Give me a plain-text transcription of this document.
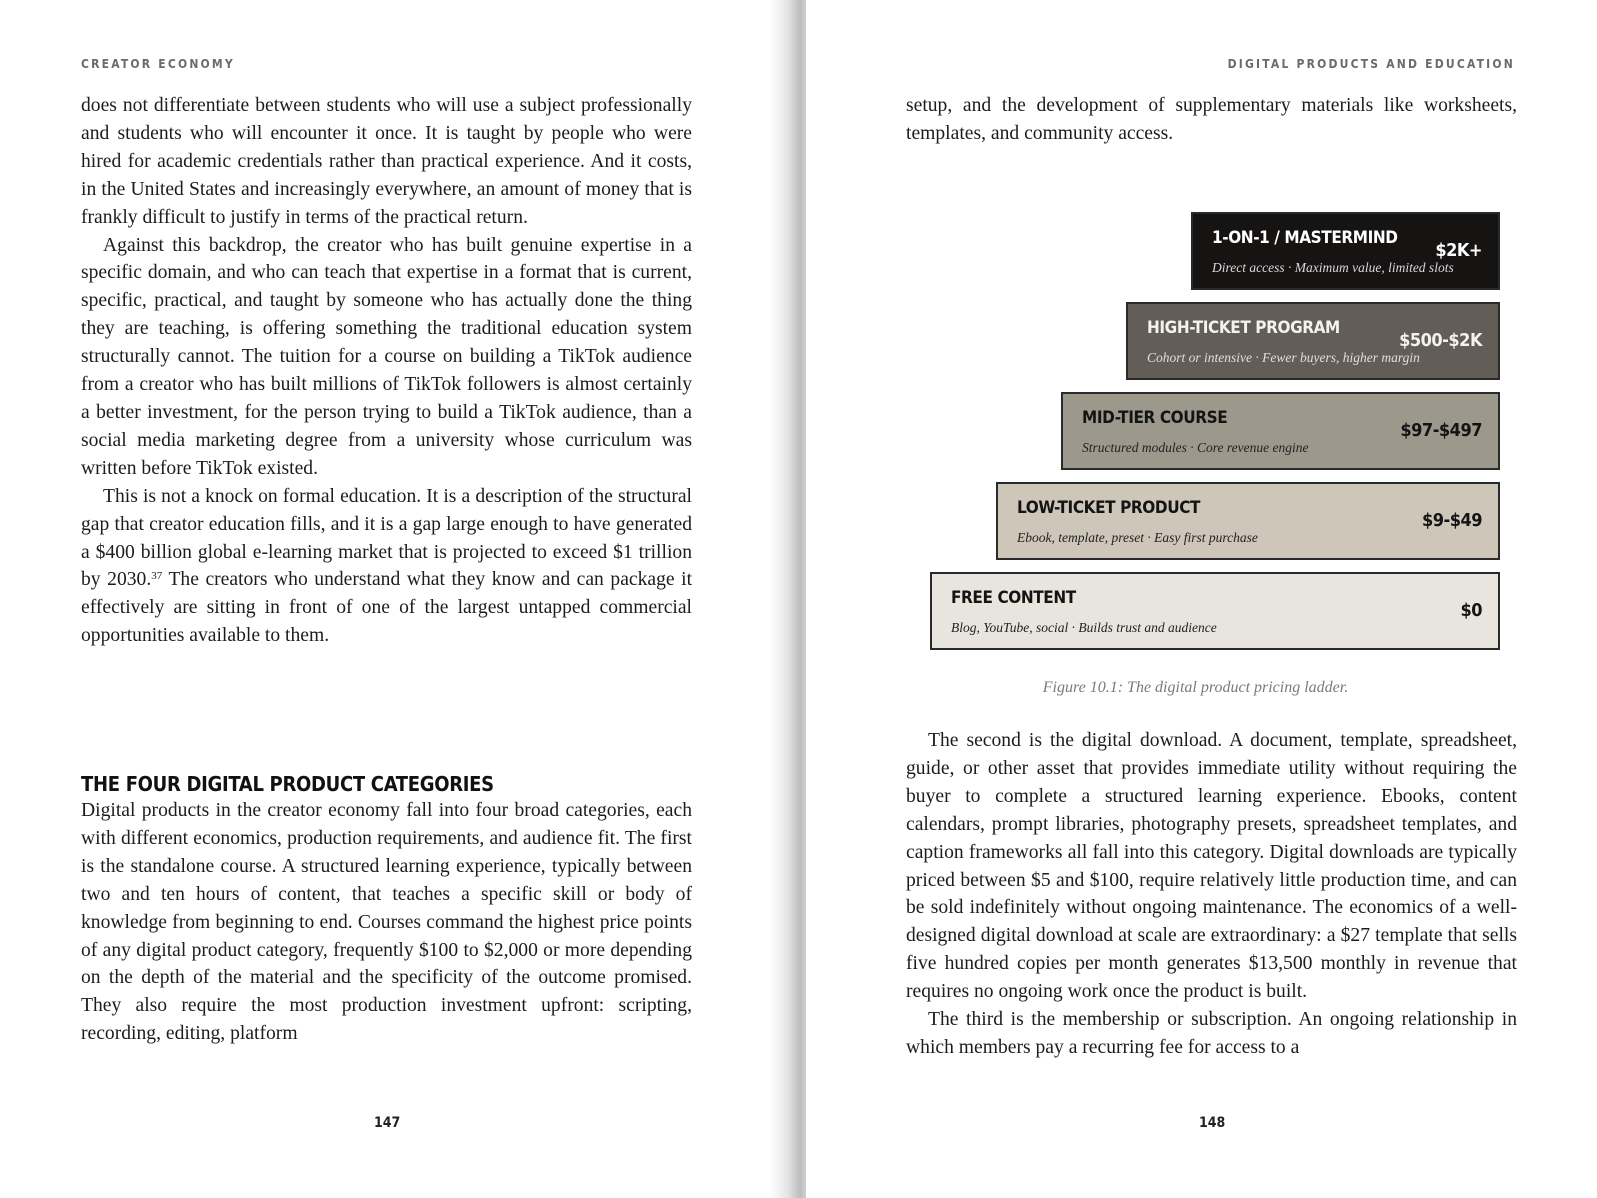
CREATOR ECONOMY

does not differentiate between students who will use a subject professionally and students who will encounter it once. It is taught by people who were hired for academic credentials rather than practical experience. And it costs, in the United States and increasingly everywhere, an amount of money that is frankly difficult to justify in terms of the practical return.

Against this backdrop, the creator who has built genuine expertise in a specific domain, and who can teach that expertise in a format that is current, specific, practical, and taught by someone who has actually done the thing they are teaching, is offering something the traditional education system structurally cannot. The tuition for a course on building a TikTok audience from a creator who has built millions of TikTok followers is almost certainly a better investment, for the person trying to build a TikTok audience, than a social media marketing degree from a university whose curriculum was written before TikTok existed.

This is not a knock on formal education. It is a description of the structural gap that creator education fills, and it is a gap large enough to have generated a $400 billion global e-learning market that is projected to exceed $1 trillion by 2030.37 The creators who understand what they know and can package it effectively are sitting in front of one of the largest untapped commercial opportunities available to them.

THE FOUR DIGITAL PRODUCT CATEGORIES

Digital products in the creator economy fall into four broad categories, each with different economics, production requirements, and audience fit. The first is the standalone course. A structured learning experience, typically between two and ten hours of content, that teaches a specific skill or body of knowledge from beginning to end. Courses command the highest price points of any digital product category, frequently $100 to $2,000 or more depending on the depth of the material and the specificity of the outcome promised. They also require the most production investment upfront: scripting, recording, editing, platform

147
DIGITAL PRODUCTS AND EDUCATION

setup, and the development of supplementary materials like worksheets, templates, and community access.

1-ON-1 / MASTERMIND
Direct access · Maximum value, limited slots
$2K+
HIGH-TICKET PROGRAM
Cohort or intensive · Fewer buyers, higher margin
$500-$2K
MID-TIER COURSE
Structured modules · Core revenue engine
$97-$497
LOW-TICKET PRODUCT
Ebook, template, preset · Easy first purchase
$9-$49
FREE CONTENT
Blog, YouTube, social · Builds trust and audience
$0
Figure 10.1: The digital product pricing ladder.

The second is the digital download. A document, template, spreadsheet, guide, or other asset that provides immediate utility without requiring the buyer to complete a structured learning experience. Ebooks, content calendars, prompt libraries, photography presets, spreadsheet templates, and caption frameworks all fall into this category. Digital downloads are typically priced between $5 and $100, require relatively little production time, and can be sold indefinitely without ongoing maintenance. The economics of a well-designed digital download at scale are extraordinary: a $27 template that sells five hundred copies per month generates $13,500 monthly in revenue that requires no ongoing work once the product is built.

The third is the membership or subscription. An ongoing relationship in which members pay a recurring fee for access to a

148
